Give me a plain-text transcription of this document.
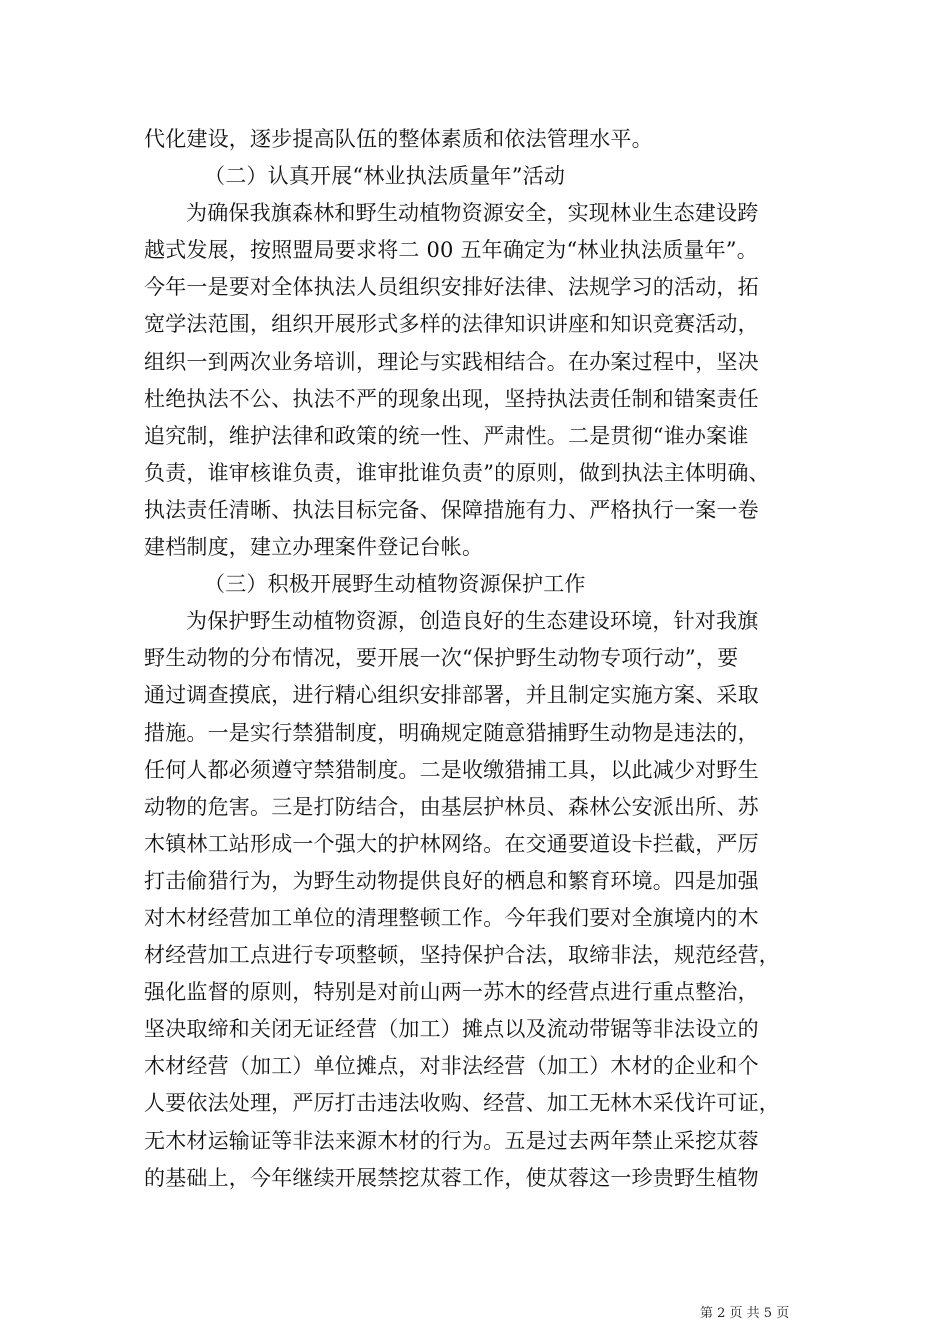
代化建设，逐步提高队伍的整体素质和依法管理水平。
（二）认真开展“林业执法质量年”活动
为确保我旗森林和野生动植物资源安全，实现林业生态建设跨
越式发展，按照盟局要求将二 00 五年确定为“林业执法质量年”。
今年一是要对全体执法人员组织安排好法律、法规学习的活动，拓
宽学法范围，组织开展形式多样的法律知识讲座和知识竞赛活动，
组织一到两次业务培训，理论与实践相结合。在办案过程中，坚决
杜绝执法不公、执法不严的现象出现，坚持执法责任制和错案责任
追究制，维护法律和政策的统一性、严肃性。二是贯彻“谁办案谁
负责，谁审核谁负责，谁审批谁负责”的原则，做到执法主体明确、
执法责任清晰、执法目标完备、保障措施有力、严格执行一案一卷
建档制度，建立办理案件登记台帐。
（三）积极开展野生动植物资源保护工作
为保护野生动植物资源，创造良好的生态建设环境，针对我旗
野生动物的分布情况，要开展一次“保护野生动物专项行动”，要
通过调查摸底，进行精心组织安排部署，并且制定实施方案、采取
措施。一是实行禁猎制度，明确规定随意猎捕野生动物是违法的，
任何人都必须遵守禁猎制度。二是收缴猎捕工具，以此减少对野生
动物的危害。三是打防结合，由基层护林员、森林公安派出所、苏
木镇林工站形成一个强大的护林网络。在交通要道设卡拦截，严厉
打击偷猎行为，为野生动物提供良好的栖息和繁育环境。四是加强
对木材经营加工单位的清理整顿工作。今年我们要对全旗境内的木
材经营加工点进行专项整顿，坚持保护合法，取缔非法，规范经营，
强化监督的原则，特别是对前山两一苏木的经营点进行重点整治，
坚决取缔和关闭无证经营（加工）摊点以及流动带锯等非法设立的
木材经营（加工）单位摊点，对非法经营（加工）木材的企业和个
人要依法处理，严厉打击违法收购、经营、加工无林木采伐许可证，
无木材运输证等非法来源木材的行为。五是过去两年禁止采挖苁蓉
的基础上，今年继续开展禁挖苁蓉工作，使苁蓉这一珍贵野生植物
第 2 页 共 5 页
